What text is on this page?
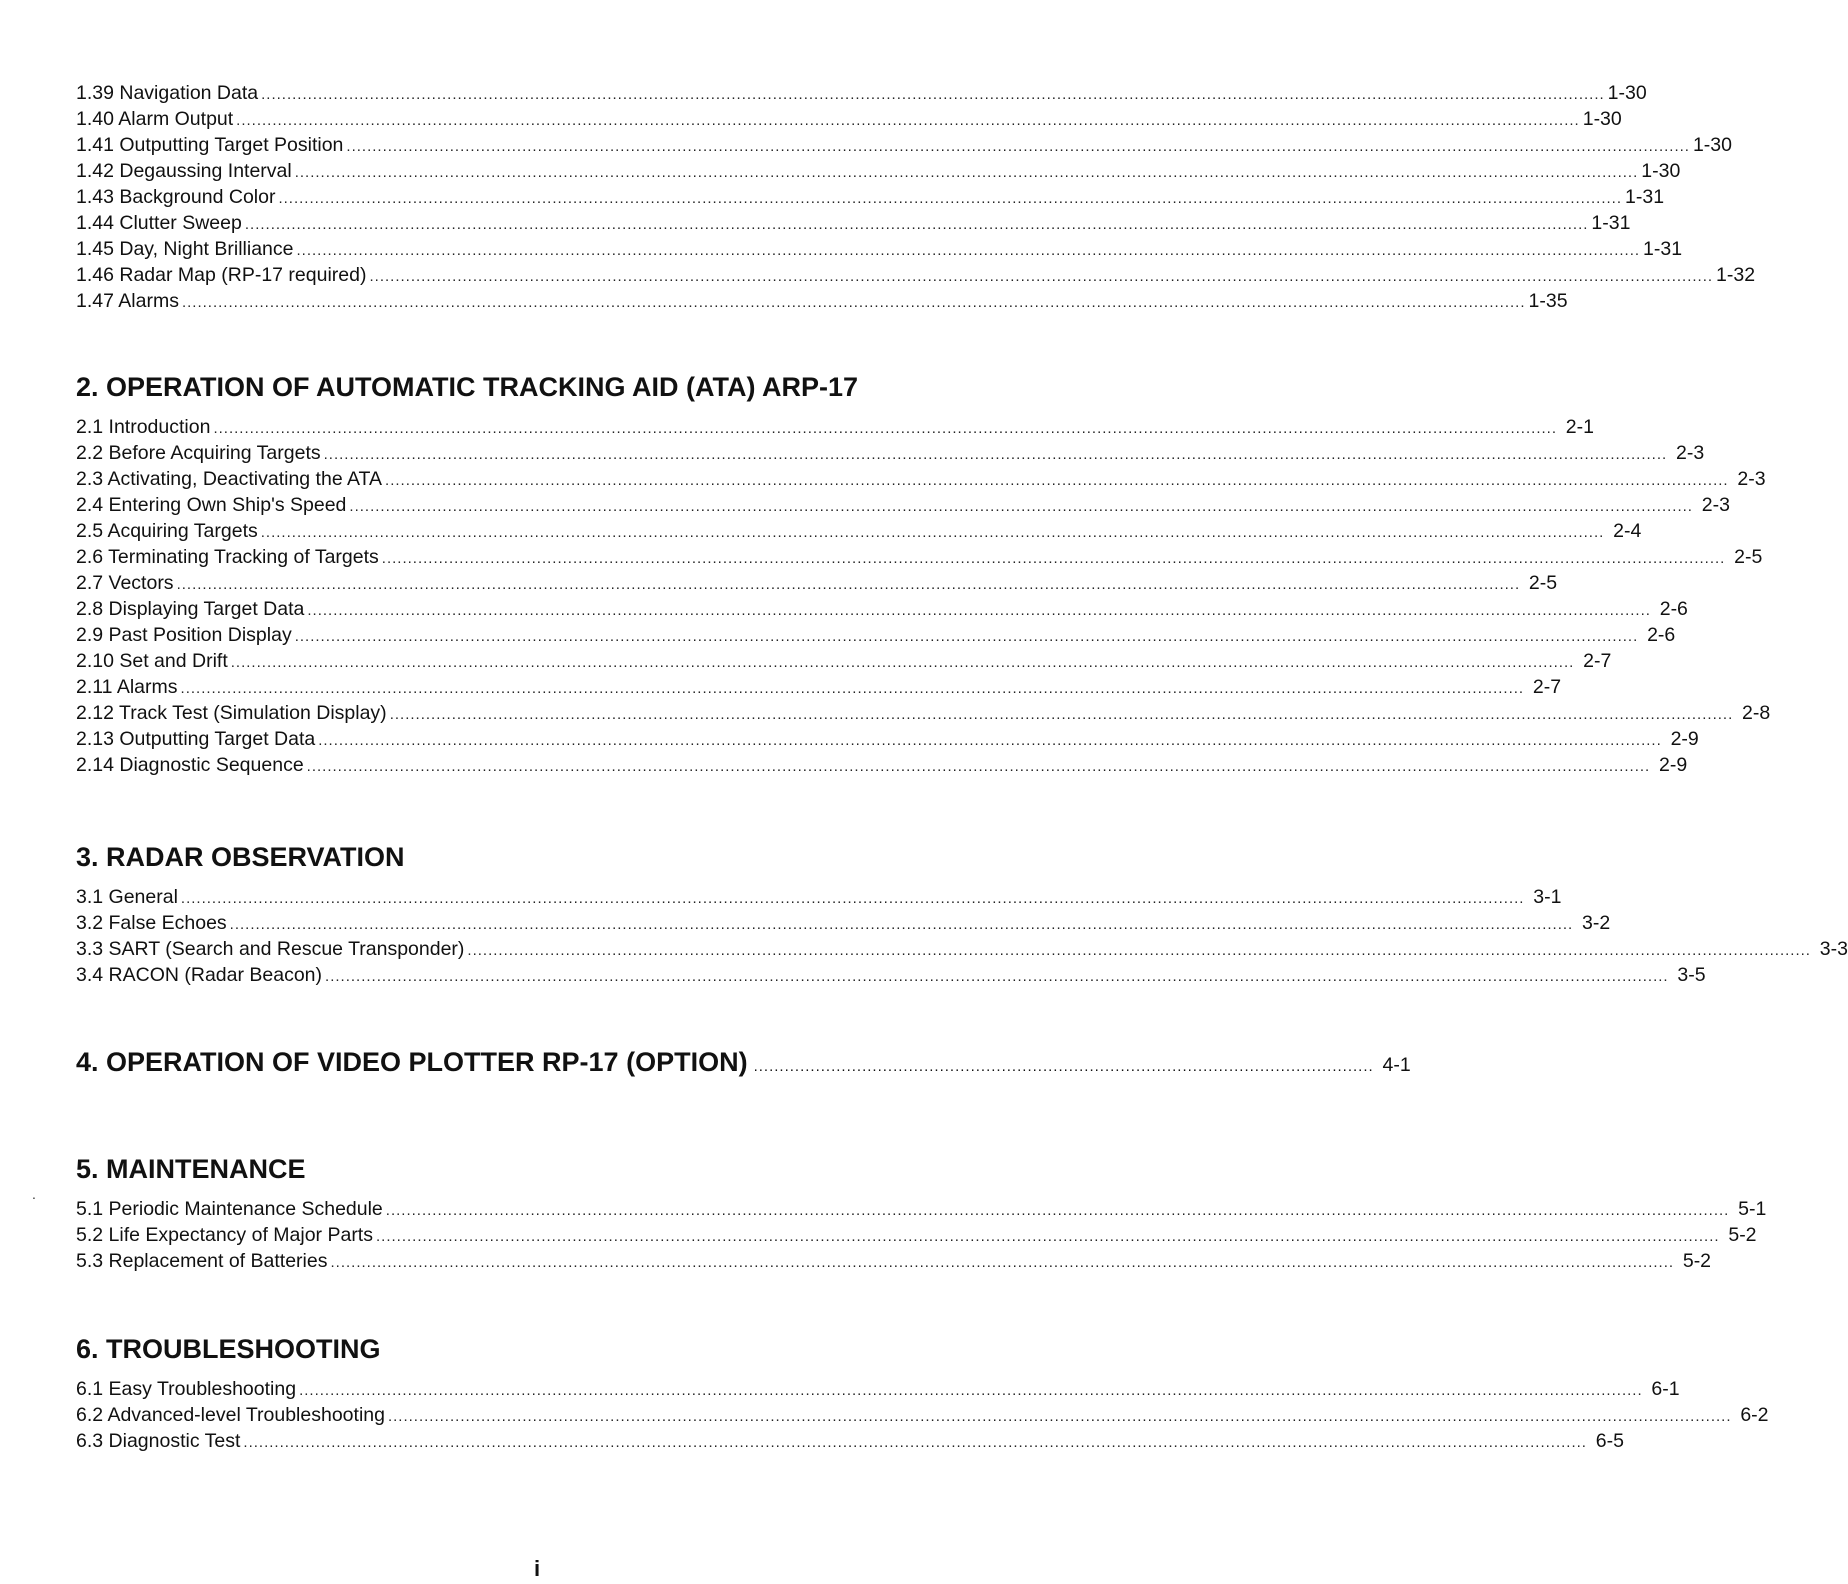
1.39 Navigation Data .................................................................................................................................................................................................................................................................... 1-30
1.40 Alarm Output .................................................................................................................................................................................................................................................................... 1-30
1.41 Outputting Target Position .................................................................................................................................................................................................................................................................... 1-30
1.42 Degaussing Interval .................................................................................................................................................................................................................................................................... 1-30
1.43 Background Color .................................................................................................................................................................................................................................................................... 1-31
1.44 Clutter Sweep .................................................................................................................................................................................................................................................................... 1-31
1.45 Day, Night Brilliance .................................................................................................................................................................................................................................................................... 1-31
1.46 Radar Map (RP-17 required) .................................................................................................................................................................................................................................................................... 1-32
1.47 Alarms .................................................................................................................................................................................................................................................................... 1-35
2. OPERATION OF AUTOMATIC TRACKING AID (ATA) ARP-17
2.1 Introduction .................................................................................................................................................................................................................................................................... 2-1
2.2 Before Acquiring Targets .................................................................................................................................................................................................................................................................... 2-3
2.3 Activating, Deactivating the ATA .................................................................................................................................................................................................................................................................... 2-3
2.4 Entering Own Ship's Speed .................................................................................................................................................................................................................................................................... 2-3
2.5 Acquiring Targets .................................................................................................................................................................................................................................................................... 2-4
2.6 Terminating Tracking of Targets .................................................................................................................................................................................................................................................................... 2-5
2.7 Vectors .................................................................................................................................................................................................................................................................... 2-5
2.8 Displaying Target Data .................................................................................................................................................................................................................................................................... 2-6
2.9 Past Position Display .................................................................................................................................................................................................................................................................... 2-6
2.10 Set and Drift .................................................................................................................................................................................................................................................................... 2-7
2.11 Alarms .................................................................................................................................................................................................................................................................... 2-7
2.12 Track Test (Simulation Display) .................................................................................................................................................................................................................................................................... 2-8
2.13 Outputting Target Data .................................................................................................................................................................................................................................................................... 2-9
2.14 Diagnostic Sequence .................................................................................................................................................................................................................................................................... 2-9
3. RADAR OBSERVATION
3.1 General .................................................................................................................................................................................................................................................................... 3-1
3.2 False Echoes .................................................................................................................................................................................................................................................................... 3-2
3.3 SART (Search and Rescue Transponder) .................................................................................................................................................................................................................................................................... 3-3
3.4 RACON (Radar Beacon) .................................................................................................................................................................................................................................................................... 3-5
4. OPERATION OF VIDEO PLOTTER RP-17 (OPTION) ........................................................................................................................ 4-1
5. MAINTENANCE
5.1 Periodic Maintenance Schedule .................................................................................................................................................................................................................................................................... 5-1
5.2 Life Expectancy of Major Parts .................................................................................................................................................................................................................................................................... 5-2
5.3 Replacement of Batteries .................................................................................................................................................................................................................................................................... 5-2
6. TROUBLESHOOTING
6.1 Easy Troubleshooting .................................................................................................................................................................................................................................................................... 6-1
6.2 Advanced-level Troubleshooting .................................................................................................................................................................................................................................................................... 6-2
6.3 Diagnostic Test .................................................................................................................................................................................................................................................................... 6-5
.
i
